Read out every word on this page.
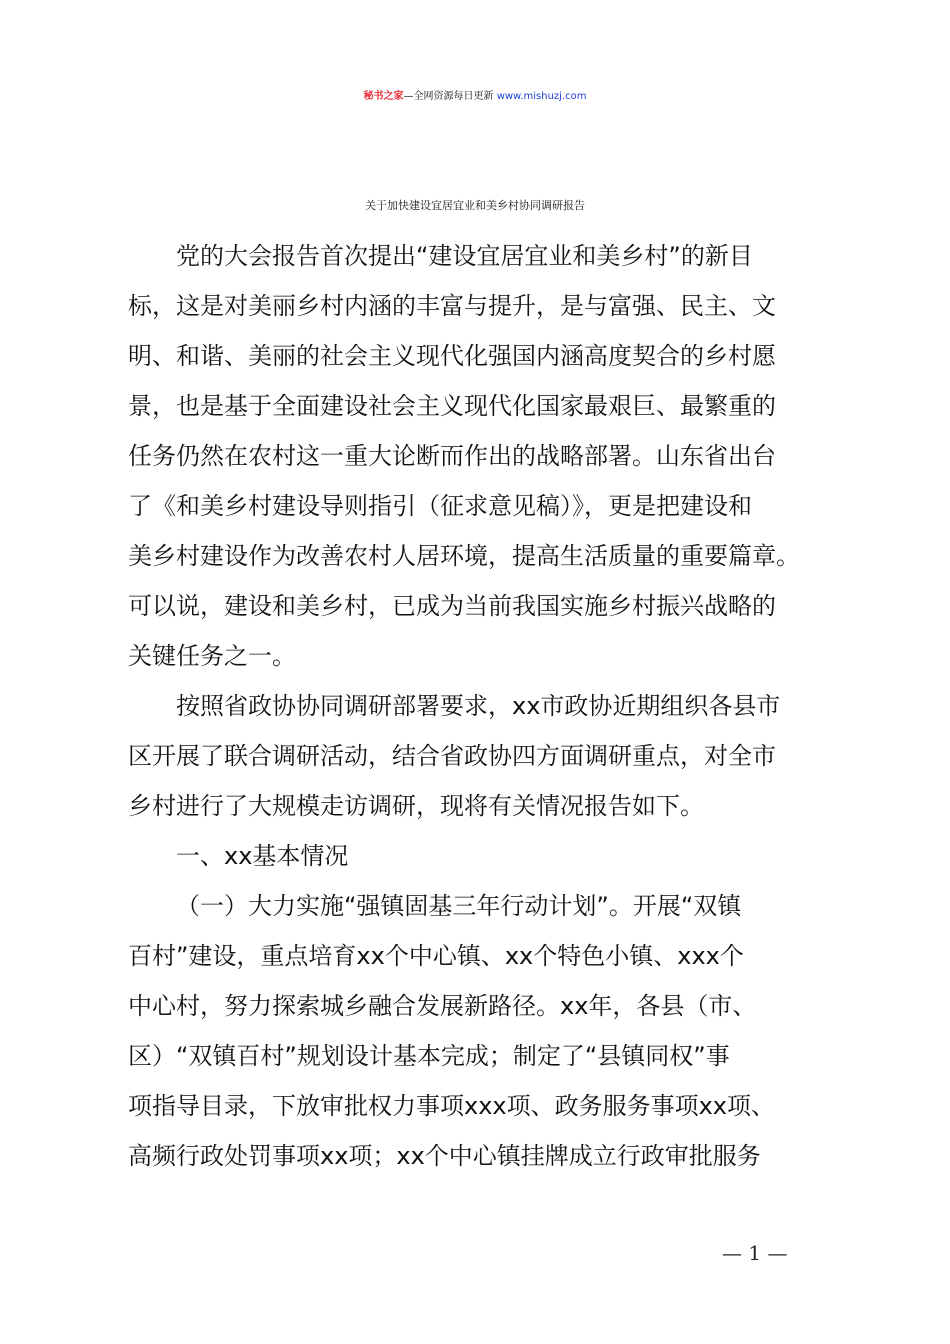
秘书之家—全网资源每日更新 www.mishuzj.com
关于加快建设宜居宜业和美乡村协同调研报告
党的大会报告首次提出“建设宜居宜业和美乡村”的新目
标，这是对美丽乡村内涵的丰富与提升，是与富强、民主、文
明、和谐、美丽的社会主义现代化强国内涵高度契合的乡村愿
景，也是基于全面建设社会主义现代化国家最艰巨、最繁重的
任务仍然在农村这一重大论断而作出的战略部署。山东省出台
了《和美乡村建设导则指引（征求意见稿）》，更是把建设和
美乡村建设作为改善农村人居环境，提高生活质量的重要篇章。
可以说，建设和美乡村，已成为当前我国实施乡村振兴战略的
关键任务之一。
按照省政协协同调研部署要求，xx市政协近期组织各县市
区开展了联合调研活动，结合省政协四方面调研重点，对全市
乡村进行了大规模走访调研，现将有关情况报告如下。
一、xx基本情况
（一）大力实施“强镇固基三年行动计划”。开展“双镇
百村”建设，重点培育xx个中心镇、xx个特色小镇、xxx个
中心村，努力探索城乡融合发展新路径。xx年，各县（市、
区）“双镇百村”规划设计基本完成；制定了“县镇同权”事
项指导目录，下放审批权力事项xxx项、政务服务事项xx项、
高频行政处罚事项xx项；xx个中心镇挂牌成立行政审批服务
— 1 —
